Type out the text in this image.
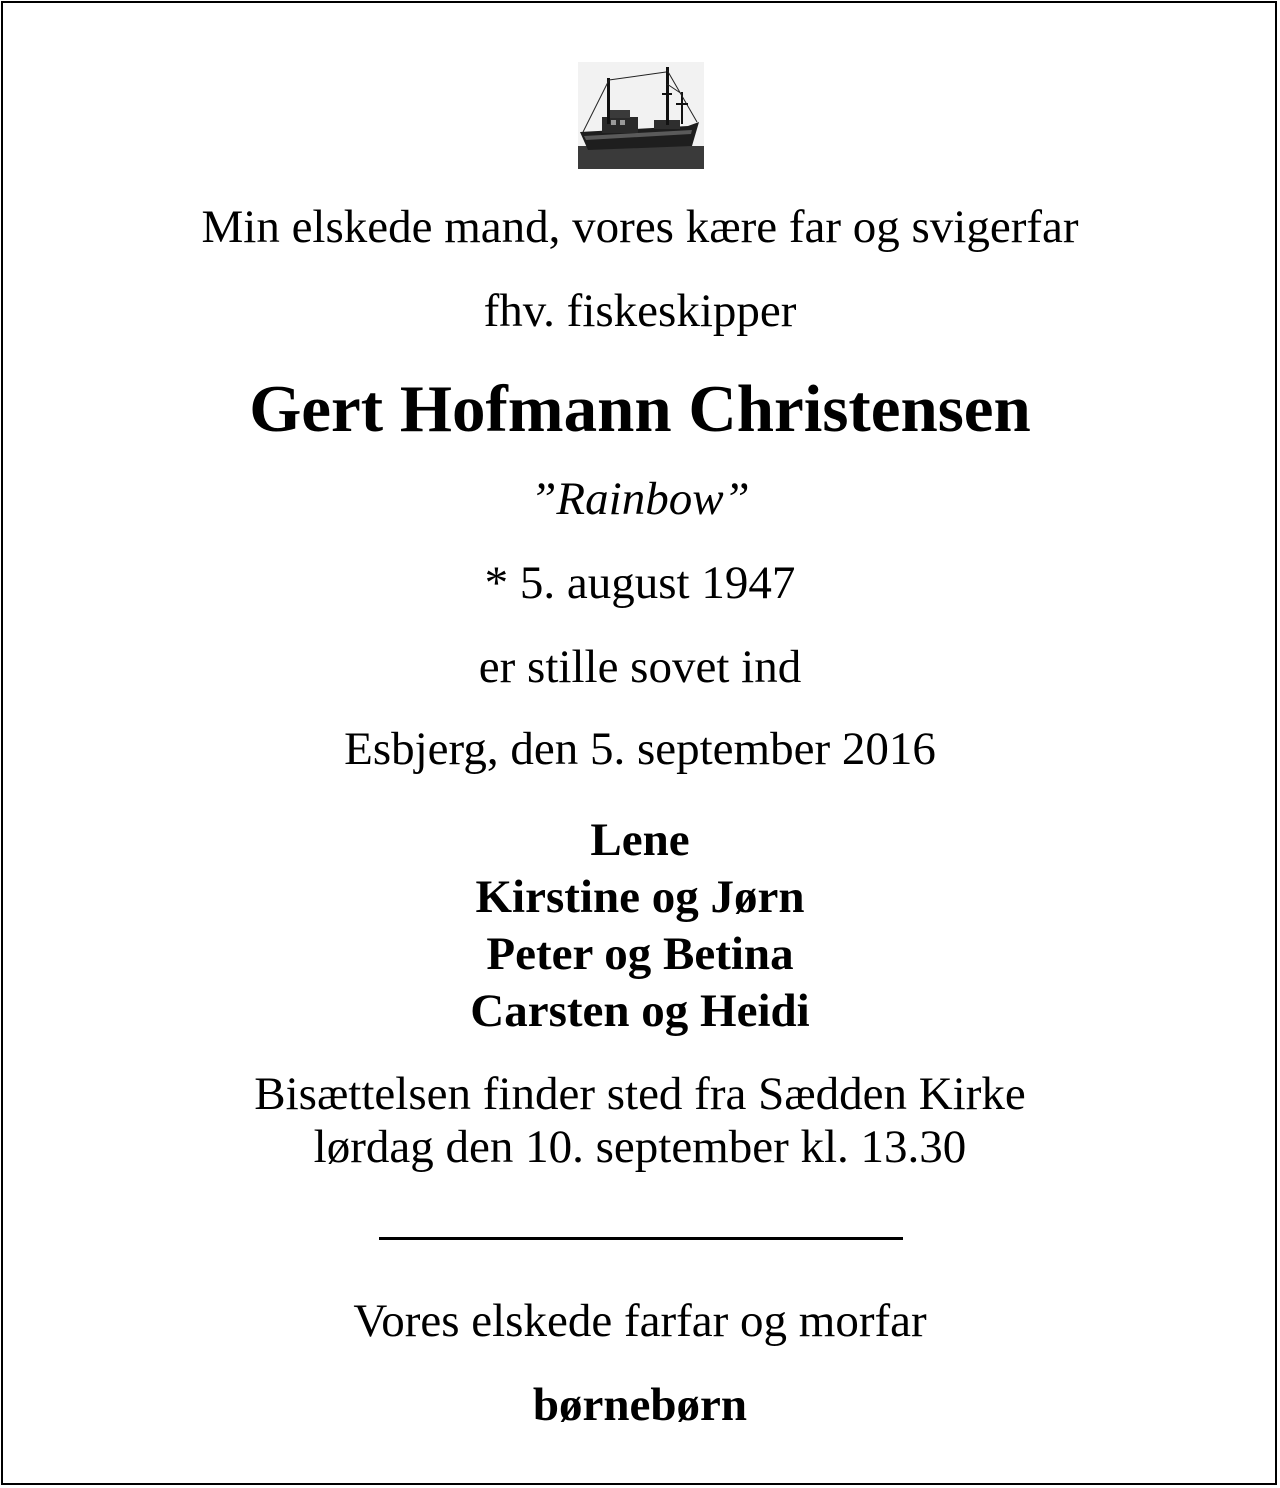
Min elskede mand, vores kære far og svigerfar
fhv. fiskeskipper
Gert Hofmann Christensen
”Rainbow”
* 5. august 1947
er stille sovet ind
Esbjerg, den 5. september 2016
Lene
Kirstine og Jørn
Peter og Betina
Carsten og Heidi
Bisættelsen finder sted fra Sædden Kirke
lørdag den 10. september kl. 13.30
Vores elskede farfar og morfar
børnebørn
